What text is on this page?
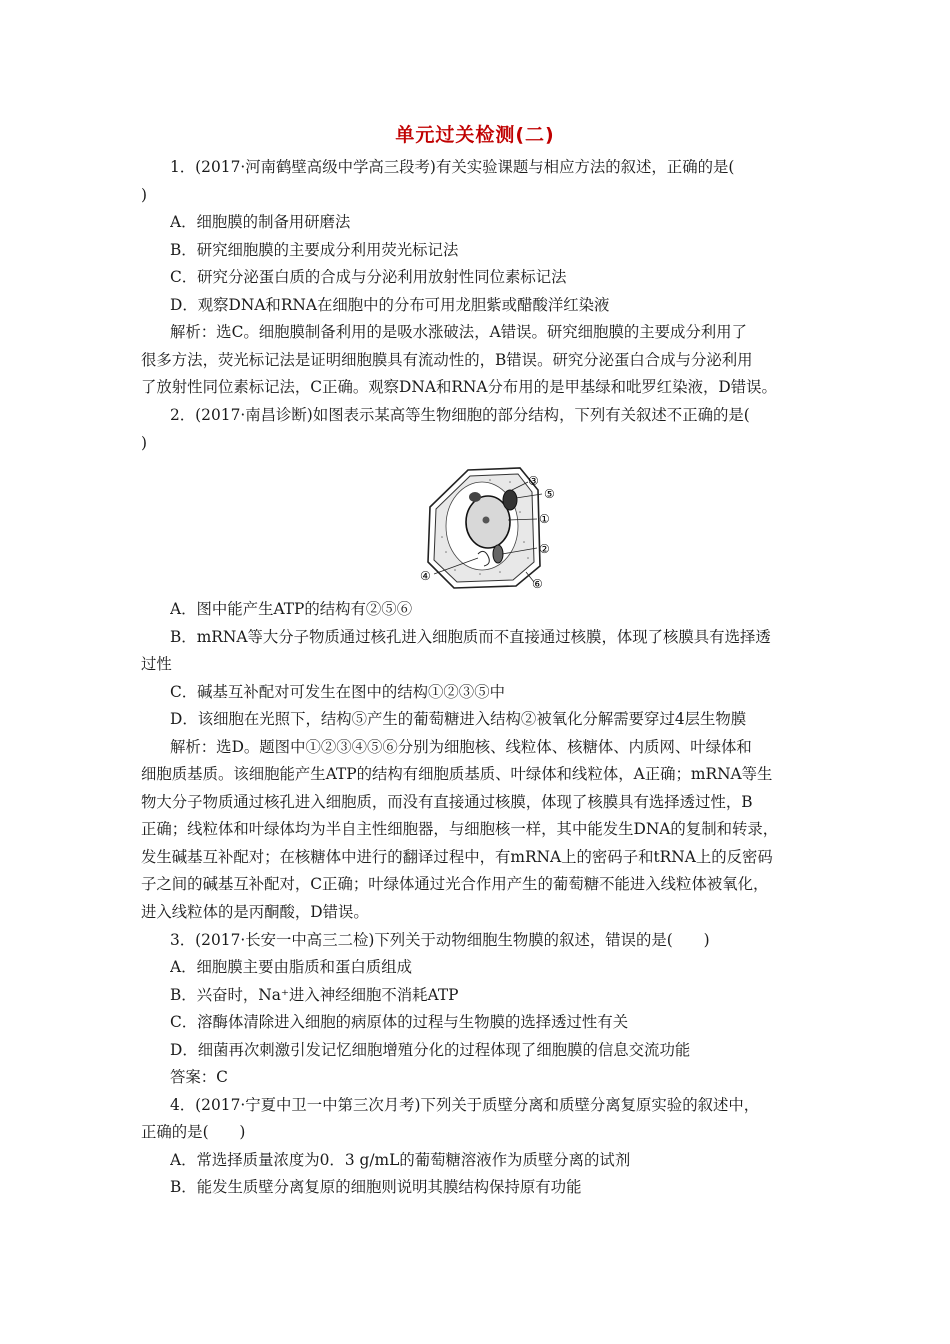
单元过关检测(二)
1．(2017·河南鹤壁高级中学高三段考)有关实验课题与相应方法的叙述，正确的是(
)
A．细胞膜的制备用研磨法
B．研究细胞膜的主要成分利用荧光标记法
C．研究分泌蛋白质的合成与分泌利用放射性同位素标记法
D．观察DNA和RNA在细胞中的分布可用龙胆紫或醋酸洋红染液
解析：选C。细胞膜制备利用的是吸水涨破法，A错误。研究细胞膜的主要成分利用了
很多方法，荧光标记法是证明细胞膜具有流动性的，B错误。研究分泌蛋白合成与分泌利用
了放射性同位素标记法，C正确。观察DNA和RNA分布用的是甲基绿和吡罗红染液，D错误。
2．(2017·南昌诊断)如图表示某高等生物细胞的部分结构，下列有关叙述不正确的是(
)
③
⑤
①
②
④
⑥
A．图中能产生ATP的结构有②⑤⑥
B．mRNA等大分子物质通过核孔进入细胞质而不直接通过核膜，体现了核膜具有选择透
过性
C．碱基互补配对可发生在图中的结构①②③⑤中
D．该细胞在光照下，结构⑤产生的葡萄糖进入结构②被氧化分解需要穿过4层生物膜
解析：选D。题图中①②③④⑤⑥分别为细胞核、线粒体、核糖体、内质网、叶绿体和
细胞质基质。该细胞能产生ATP的结构有细胞质基质、叶绿体和线粒体，A正确；mRNA等生
物大分子物质通过核孔进入细胞质，而没有直接通过核膜，体现了核膜具有选择透过性，B
正确；线粒体和叶绿体均为半自主性细胞器，与细胞核一样，其中能发生DNA的复制和转录，
发生碱基互补配对；在核糖体中进行的翻译过程中，有mRNA上的密码子和tRNA上的反密码
子之间的碱基互补配对，C正确；叶绿体通过光合作用产生的葡萄糖不能进入线粒体被氧化，
进入线粒体的是丙酮酸，D错误。
3．(2017·长安一中高三二检)下列关于动物细胞生物膜的叙述，错误的是(　　)
A．细胞膜主要由脂质和蛋白质组成
B．兴奋时，Na⁺进入神经细胞不消耗ATP
C．溶酶体清除进入细胞的病原体的过程与生物膜的选择透过性有关
D．细菌再次刺激引发记忆细胞增殖分化的过程体现了细胞膜的信息交流功能
答案：C
4．(2017·宁夏中卫一中第三次月考)下列关于质壁分离和质壁分离复原实验的叙述中，
正确的是(　　)
A．常选择质量浓度为0．3 g/mL的葡萄糖溶液作为质壁分离的试剂
B．能发生质壁分离复原的细胞则说明其膜结构保持原有功能
